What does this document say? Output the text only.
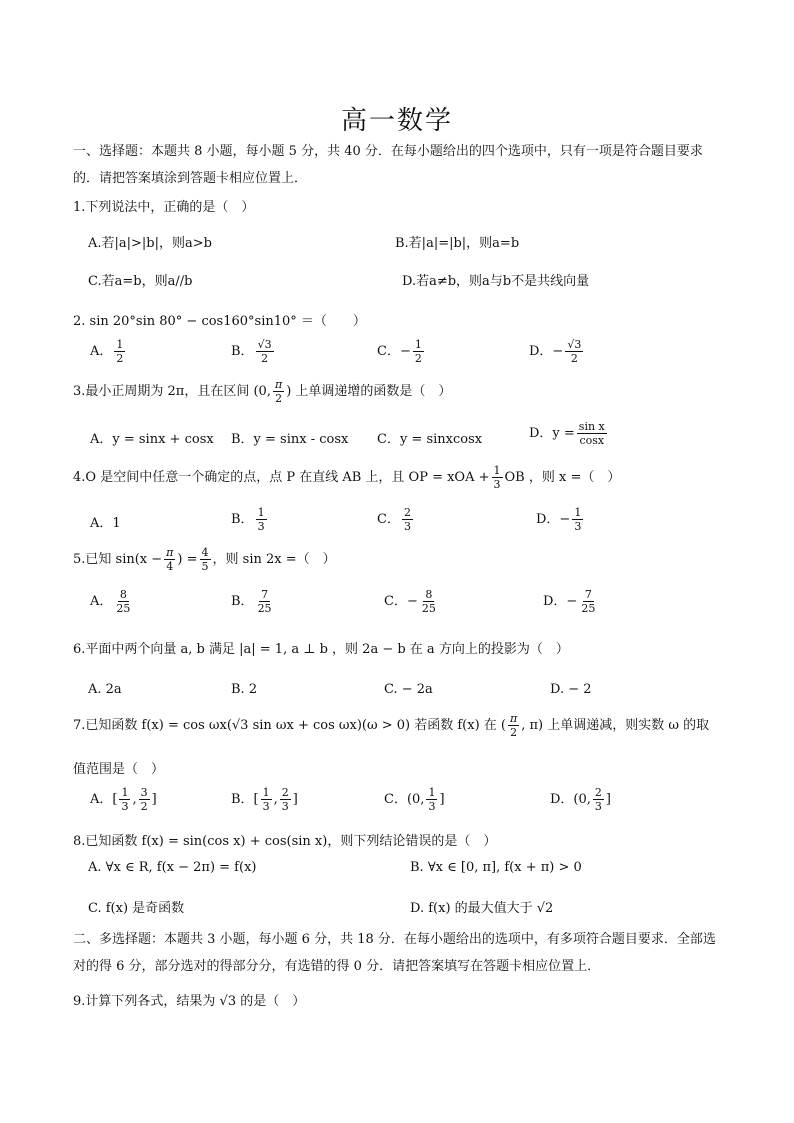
高一数学
一、选择题：本题共 8 小题，每小题 5 分，共 40 分．在每小题给出的四个选项中，只有一项是符合题目要求的．请把答案填涂到答题卡相应位置上．
1.下列说法中，正确的是（　）
A.若|a|>|b|，则a>b	B.若|a|=|b|，则a=b
C.若a=b，则a//b	D.若a≠b，则a与b不是共线向量
2. sin 20°sin 80° − cos160°sin10° ＝（　　）
A． $\frac{1}{2}$	B． $\frac{√3}{2}$	C．− $\frac{1}{2}$	D．− $\frac{√3}{2}$
3.最小正周期为 2π，且在区间 (0, $\frac{\pi}{2}$ ) 上单调递增的函数是（　）
A．y = sinx + cosx B．y = sinx - cosx C．y = sinxcosx	D．$y = \frac{\text{sin x}}{\cos x}$
4.O 是空间中任意一个确定的点，点 P 在直线 AB 上，且 OP = xOA + $\frac{1}{3}$ OB ，则 x =（　）
A．1	B． $\frac{1}{3}$	C． $\frac{2}{3}$	D．− $\frac{1}{3}$
5.已知 $\sin(x - \frac{\pi}{4}$ ) = $\frac{4}{5}$ ，则 sin 2x =（　）
A． $\frac{8}{25}$	B． $\frac{7}{25}$	C．− $\frac{8}{25}$	D．− $\frac{7}{25}$
6.平面中两个向量 a, b 满足 |a| = 1, a ⊥ b ，则 2a − b 在 a 方向上的投影为（　）
A. 2a	B. 2	C. − 2a	D. − 2
7.已知函数 f(x) = cos ωx(√3 sin ωx + cos ωx)(ω > 0) 若函数 f(x) 在 ( $\frac{\pi}{2}$ , π) 上单调递减，则实数 ω 的取
值范围是（　）
A．[ $\frac{1}{3}$ , $\frac{3}{2}$ ]	B．[ $\frac{1}{3}$ , $\frac{2}{3}$ ]	C．(0, $\frac{1}{3}$ ]	D．(0, $\frac{2}{3}$ ]
8.已知函数 f(x) = sin(cos x) + cos(sin x)，则下列结论错误的是（　）
A. ∀x ∈ R, f(x − 2π) = f(x)	B. ∀x ∈ [0, π], f(x + π) > 0
C. f(x) 是奇函数	D. f(x) 的最大值大于 √2
二、多选择题：本题共 3 小题，每小题 6 分，共 18 分．在每小题给出的选项中，有多项符合题目要求．全部选对的得 6 分，部分选对的得部分分，有选错的得 0 分．请把答案填写在答题卡相应位置上．
9.计算下列各式，结果为 √3 的是（　）
